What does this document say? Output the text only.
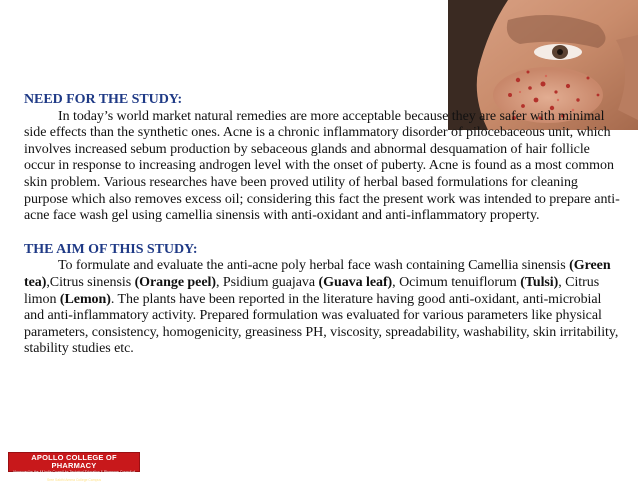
NEED FOR THE STUDY:

In today’s world market natural remedies are more acceptable because they are safer with minimal side effects than the synthetic ones. Acne is a chronic inflammatory disorder of pilocebaceous unit, which involves increased sebum production by sebaceous glands and abnormal desquamation of hair follicle occur in response to increasing androgen level with the onset of puberty. Acne is found as a most common skin problem. Various researches have been proved utility of herbal based formulations for cleaning purpose which also removes excess oil; considering this fact the present work was intended to prepare anti-acne face wash gel using camellia sinensis with anti-oxidant and anti-inflammatory property.

THE AIM OF THIS STUDY:

To formulate and evaluate the anti-acne poly herbal face wash containing Camellia sinensis (Green tea),Citrus sinensis (Orange peel), Psidium guajava (Guava leaf), Ocimum tenuiflorum (Tulsi), Citrus limon (Lemon). The plants have been reported in the literature having good anti-oxidant, anti-microbial and anti-inflammatory activity. Prepared formulation was evaluated for various parameters like physical parameters, consistency, homogenicity, greasiness PH, viscosity, spreadability, washability, skin irritability, stability studies etc.

APOLLO COLLEGE OF PHARMACY
(Approved by the All India Council for Technical Education & Pharmacy Council of India)
Sree Sakthi Amma College Campus
